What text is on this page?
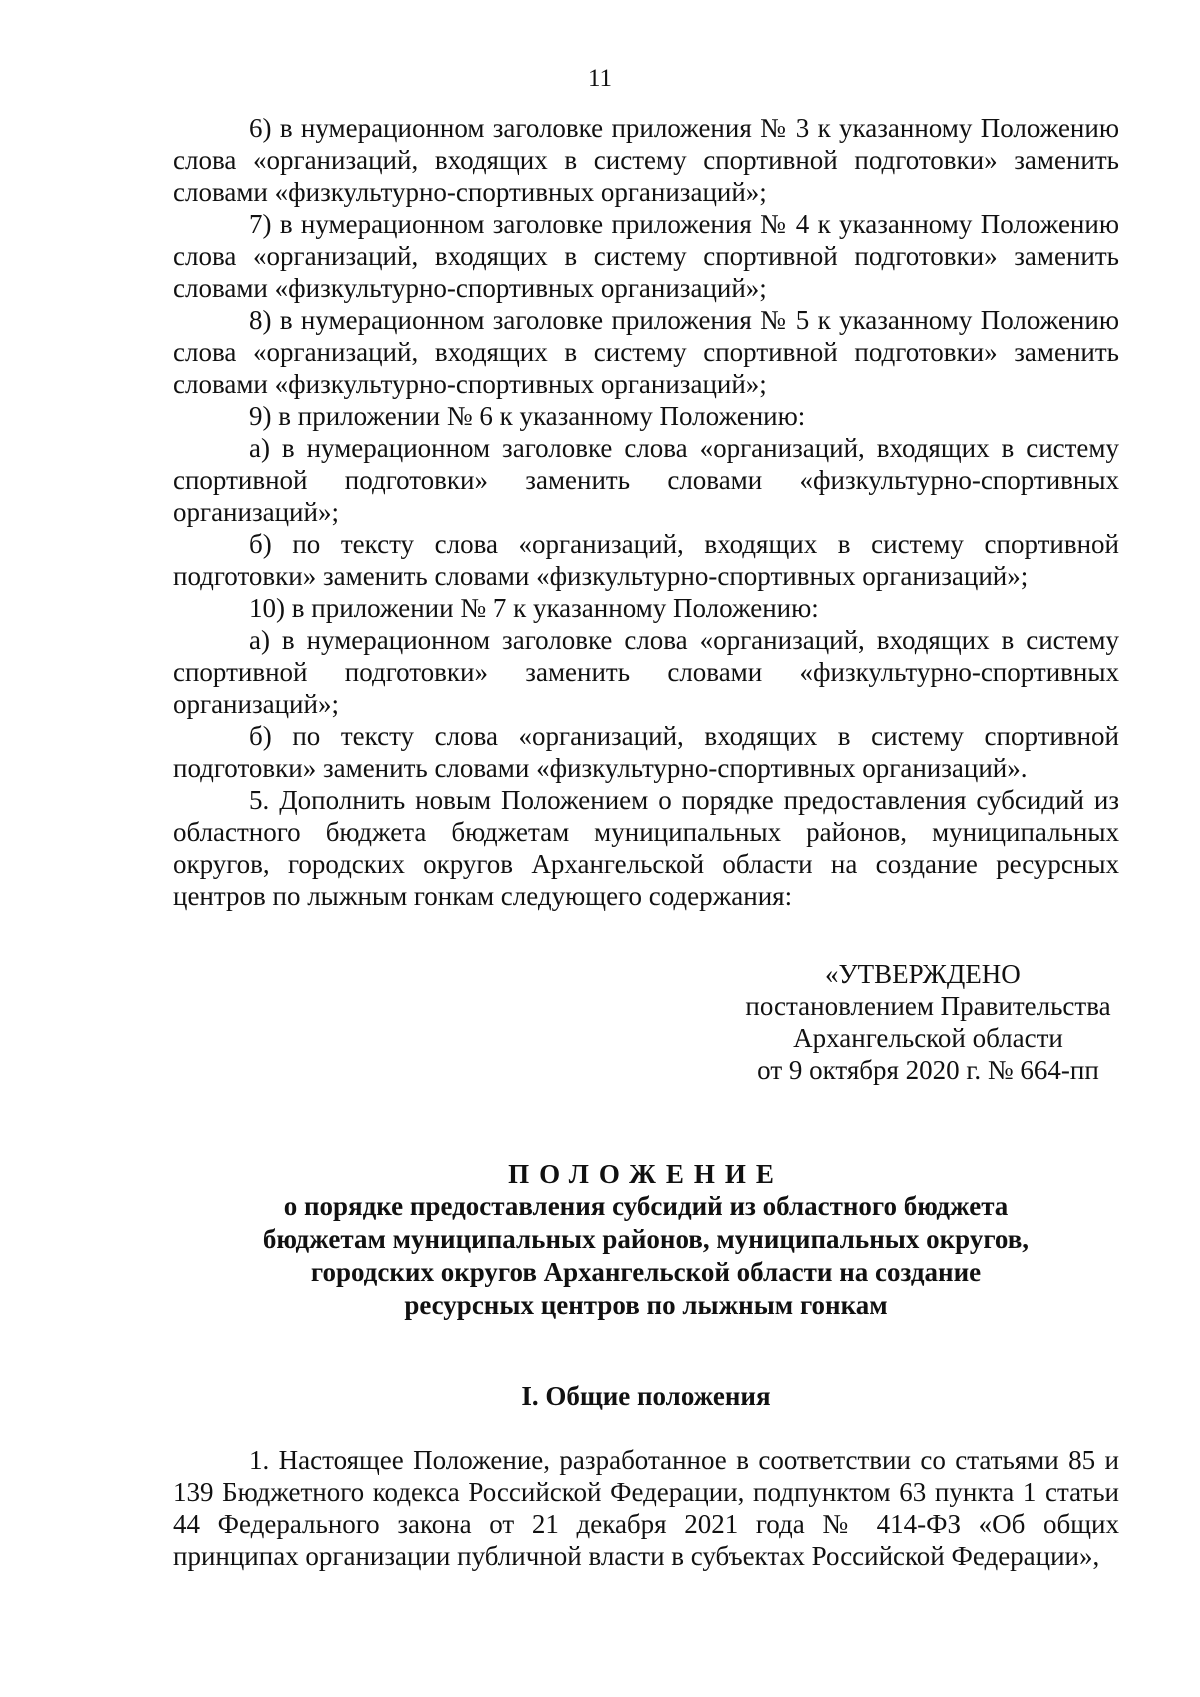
11

6) в нумерационном заголовке приложения № 3 к указанному Положению слова «организаций, входящих в систему спортивной подготовки» заменить словами «физкультурно-спортивных организаций»;

7) в нумерационном заголовке приложения № 4 к указанному Положению слова «организаций, входящих в систему спортивной подготовки» заменить словами «физкультурно-спортивных организаций»;

8) в нумерационном заголовке приложения № 5 к указанному Положению слова «организаций, входящих в систему спортивной подготовки» заменить словами «физкультурно-спортивных организаций»;

9) в приложении № 6 к указанному Положению:

а) в нумерационном заголовке слова «организаций, входящих в систему спортивной подготовки» заменить словами «физкультурно-спортивных организаций»;

б) по тексту слова «организаций, входящих в систему спортивной подготовки» заменить словами «физкультурно-спортивных организаций»;

10) в приложении № 7 к указанному Положению:

а) в нумерационном заголовке слова «организаций, входящих в систему спортивной подготовки» заменить словами «физкультурно-спортивных организаций»;

б) по тексту слова «организаций, входящих в систему спортивной подготовки» заменить словами «физкультурно-спортивных организаций».

5. Дополнить новым Положением о порядке предоставления субсидий из областного бюджета бюджетам муниципальных районов, муниципальных округов, городских округов Архангельской области на создание ресурсных центров по лыжным гонкам следующего содержания:

«УТВЕРЖДЕНО
постановлением Правительства
Архангельской области
от 9 октября 2020 г. № 664-пп

ПОЛОЖЕНИЕ

о порядке предоставления субсидий из областного бюджета
бюджетам муниципальных районов, муниципальных округов,
городских округов Архангельской области на создание
ресурсных центров по лыжным гонкам
I. Общие положения

1. Настоящее Положение, разработанное в соответствии со статьями 85 и 139 Бюджетного кодекса Российской Федерации, подпунктом 63 пункта 1 статьи 44 Федерального закона от 21 декабря 2021 года № 414-ФЗ «Об общих принципах организации публичной власти в субъектах Российской Федерации»,
